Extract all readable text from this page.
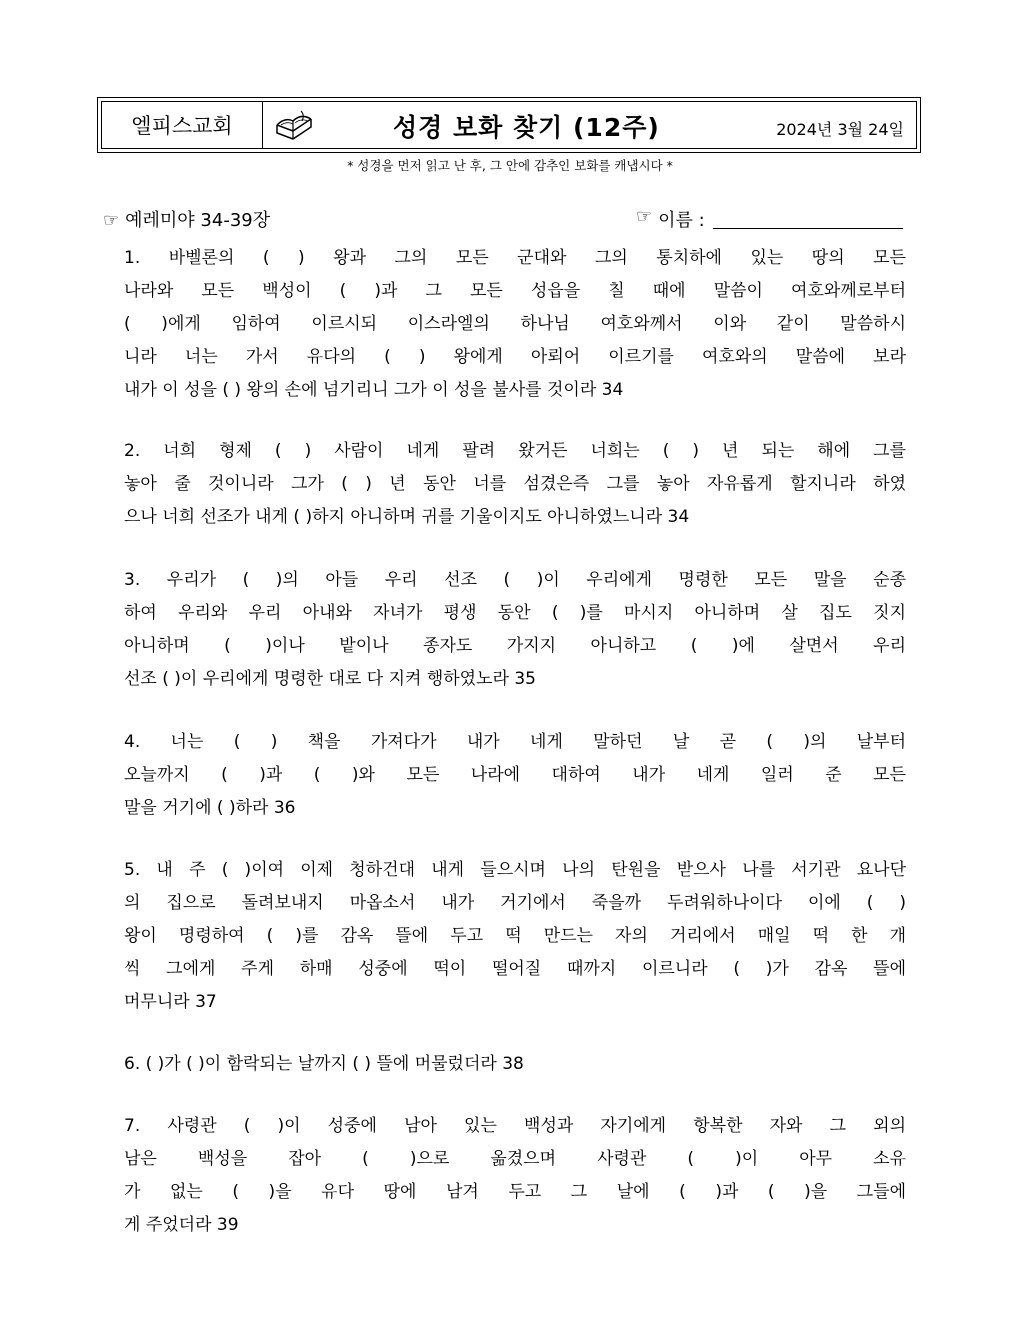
엘피스교회	성경 보화 찾기 (12주)	2024년 3월 24일
* 성경을 먼저 읽고 난 후, 그 안에 감추인 보화를 캐냅시다 *
☞ 예레미야 34-39장	☞ 이름 :
1. 바벨론의 ( ) 왕과 그의 모든 군대와 그의 통치하에 있는 땅의 모든
나라와 모든 백성이 ( )과 그 모든 성읍을 칠 때에 말씀이 여호와께로부터
( )에게 임하여 이르시되 이스라엘의 하나님 여호와께서 이와 같이 말씀하시
니라 너는 가서 유다의 ( ) 왕에게 아뢰어 이르기를 여호와의 말씀에 보라
내가 이 성을 ( ) 왕의 손에 넘기리니 그가 이 성을 불사를 것이라 34
2. 너희 형제 ( ) 사람이 네게 팔려 왔거든 너희는 ( ) 년 되는 해에 그를
놓아 줄 것이니라 그가 ( ) 년 동안 너를 섬겼은즉 그를 놓아 자유롭게 할지니라 하였
으나 너희 선조가 내게 ( )하지 아니하며 귀를 기울이지도 아니하였느니라 34
3. 우리가 ( )의 아들 우리 선조 ( )이 우리에게 명령한 모든 말을 순종
하여 우리와 우리 아내와 자녀가 평생 동안 ( )를 마시지 아니하며 살 집도 짓지
아니하며 ( )이나 밭이나 종자도 가지지 아니하고 ( )에 살면서 우리
선조 ( )이 우리에게 명령한 대로 다 지켜 행하였노라 35
4. 너는 ( ) 책을 가져다가 내가 네게 말하던 날 곧 ( )의 날부터
오늘까지 ( )과 ( )와 모든 나라에 대하여 내가 네게 일러 준 모든
말을 거기에 ( )하라 36
5. 내 주 ( )이여 이제 청하건대 내게 들으시며 나의 탄원을 받으사 나를 서기관 요나단
의 집으로 돌려보내지 마옵소서 내가 거기에서 죽을까 두려워하나이다 이에 ( )
왕이 명령하여 ( )를 감옥 뜰에 두고 떡 만드는 자의 거리에서 매일 떡 한 개
씩 그에게 주게 하매 성중에 떡이 떨어질 때까지 이르니라 ( )가 감옥 뜰에
머무니라 37
6. ( )가 ( )이 함락되는 날까지 ( ) 뜰에 머물렀더라 38
7. 사령관 ( )이 성중에 남아 있는 백성과 자기에게 항복한 자와 그 외의
남은 백성을 잡아 ( )으로 옮겼으며 사령관 ( )이 아무 소유
가 없는 ( )을 유다 땅에 남겨 두고 그 날에 ( )과 ( )을 그들에
게 주었더라 39
